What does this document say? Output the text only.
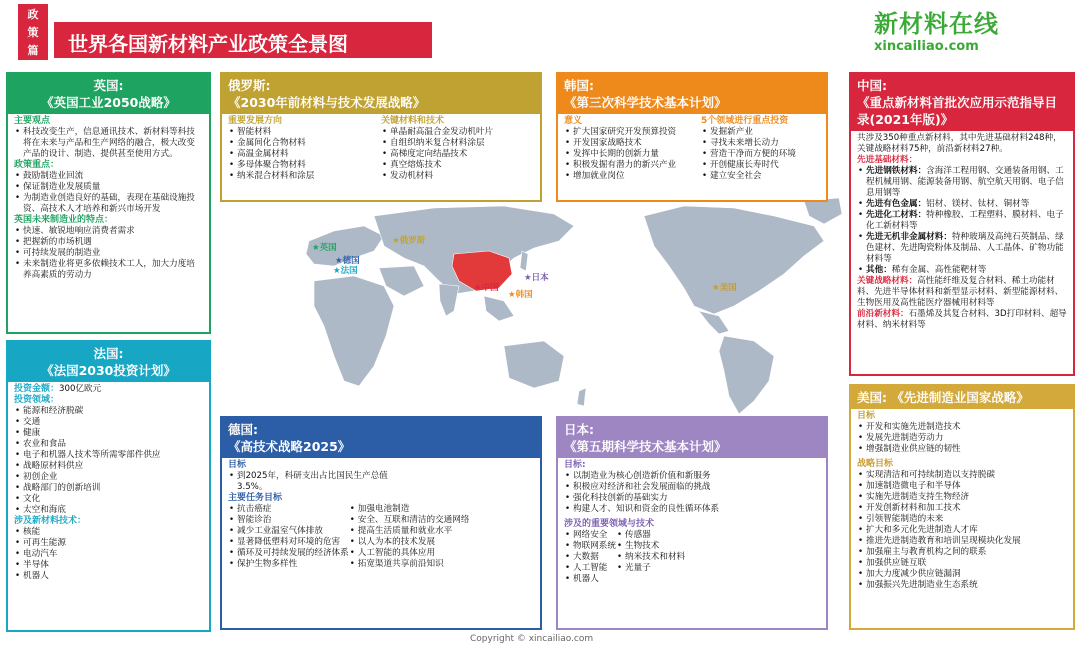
政
策
篇	世界各国新材料产业政策全景图
新材料在线
xincailiao.com
★英国
★德国
★法国
★俄罗斯
★中国
★韩国
★日本
★美国
英国:
《英国工业2050战略》
主要观点
• 科技改变生产，信息通讯技术、新材料等科技将在未来与产品和生产网络的融合，极大改变产品的设计、制造、提供甚至使用方式。
政策重点：
• 鼓励制造业回流
• 保证制造业发展质量
• 为制造业创造良好的基础，表现在基础设施投资、高技术人才培养和新兴市场开发
英国未来制造业的特点：
• 快速、敏锐地响应消费者需求
• 把握新的市场机遇
• 可持续发展的制造业
• 未来制造业将更多依赖技术工人，加大力度培养高素质的劳动力
法国:
《法国2030投资计划》
投资金额：300亿欧元
投资领域：
• 能源和经济脱碳
• 交通
• 健康
• 农业和食品
• 电子和机器人技术等所需零部件供应
• 战略原材料供应
• 初创企业
• 战略部门的创新培训
• 文化
• 太空和海底
涉及新材料技术：
• 核能
• 可再生能源
• 电动汽车
• 半导体
• 机器人
俄罗斯:
《2030年前材料与技术发展战略》
重要发展方向
• 智能材料
• 金属间化合物材料
• 高温金属材料
• 多母体聚合物材料
• 纳米混合材料和涂层
关键材料和技术
• 单晶耐高温合金发动机叶片
• 自组织纳米复合材料涂层
• 高梯度定向结晶技术
• 真空熔炼技术
• 发动机材料
韩国:
《第三次科学技术基本计划》
意义
• 扩大国家研究开发预算投资
• 开发国家战略技术
• 发挥中长期的创新力量
• 积极发掘有潜力的新兴产业
• 增加就业岗位
5个领域进行重点投资
• 发掘新产业
• 寻找未来增长动力
• 营造干净而方便的环境
• 开创健康长寿时代
• 建立安全社会
中国:
《重点新材料首批次应用示范指导目录(2021年版)》
共涉及350种重点新材料，其中先进基础材料248种，关键战略材料75种，前沿新材料27种。
先进基础材料：
• 先进钢铁材料：含海洋工程用钢、交通装备用钢、工程机械用钢、能源装备用钢、航空航天用钢、电子信息用钢等
• 先进有色金属：铝材、镁材、钛材、铜材等
• 先进化工材料：特种橡胶、工程塑料、膜材料、电子化工新材料等
• 先进无机非金属材料：特种玻璃及高纯石英制品、绿色建材、先进陶瓷粉体及制品、人工晶体、矿物功能材料等
• 其他：稀有金属、高性能靶材等
关键战略材料：高性能纤维及复合材料、稀土功能材料、先进半导体材料和新型显示材料、新型能源材料、生物医用及高性能医疗器械用材料等
前沿新材料：石墨烯及其复合材料、3D打印材料、超导材料、纳米材料等
德国:
《高技术战略2025》
目标
• 到2025年，科研支出占比国民生产总值3.5%。
主要任务目标
• 抗击癌症
• 智能诊治
• 减少工业温室气体排放
• 显著降低塑料对环境的危害
• 循环及可持续发展的经济体系
• 保护生物多样性
• 加强电池制造
• 安全、互联和清洁的交通网络
• 提高生活质量和就业水平
• 以人为本的技术发展
• 人工智能的具体应用
• 拓宽渠道共享前沿知识
日本:
《第五期科学技术基本计划》
目标:
• 以制造业为核心创造新价值和新服务
• 积极应对经济和社会发展面临的挑战
• 强化科技创新的基础实力
• 构建人才、知识和资金的良性循环体系
涉及的重要领域与技术
• 网络安全
• 物联网系统
• 大数据
• 人工智能
• 机器人
• 传感器
• 生物技术
• 纳米技术和材料
• 光量子
美国: 《先进制造业国家战略》
目标
• 开发和实施先进制造技术
• 发展先进制造劳动力
• 增强制造业供应链的韧性
战略目标
• 实现清洁和可持续制造以支持脱碳
• 加速制造微电子和半导体
• 实施先进制造支持生物经济
• 开发创新材料和加工技术
• 引领智能制造的未来
• 扩大和多元化先进制造人才库
• 推进先进制造教育和培训呈现模块化发展
• 加强雇主与教育机构之间的联系
• 加强供应链互联
• 加大力度减少供应链漏洞
• 加强振兴先进制造业生态系统
Copyright © xincailiao.com
